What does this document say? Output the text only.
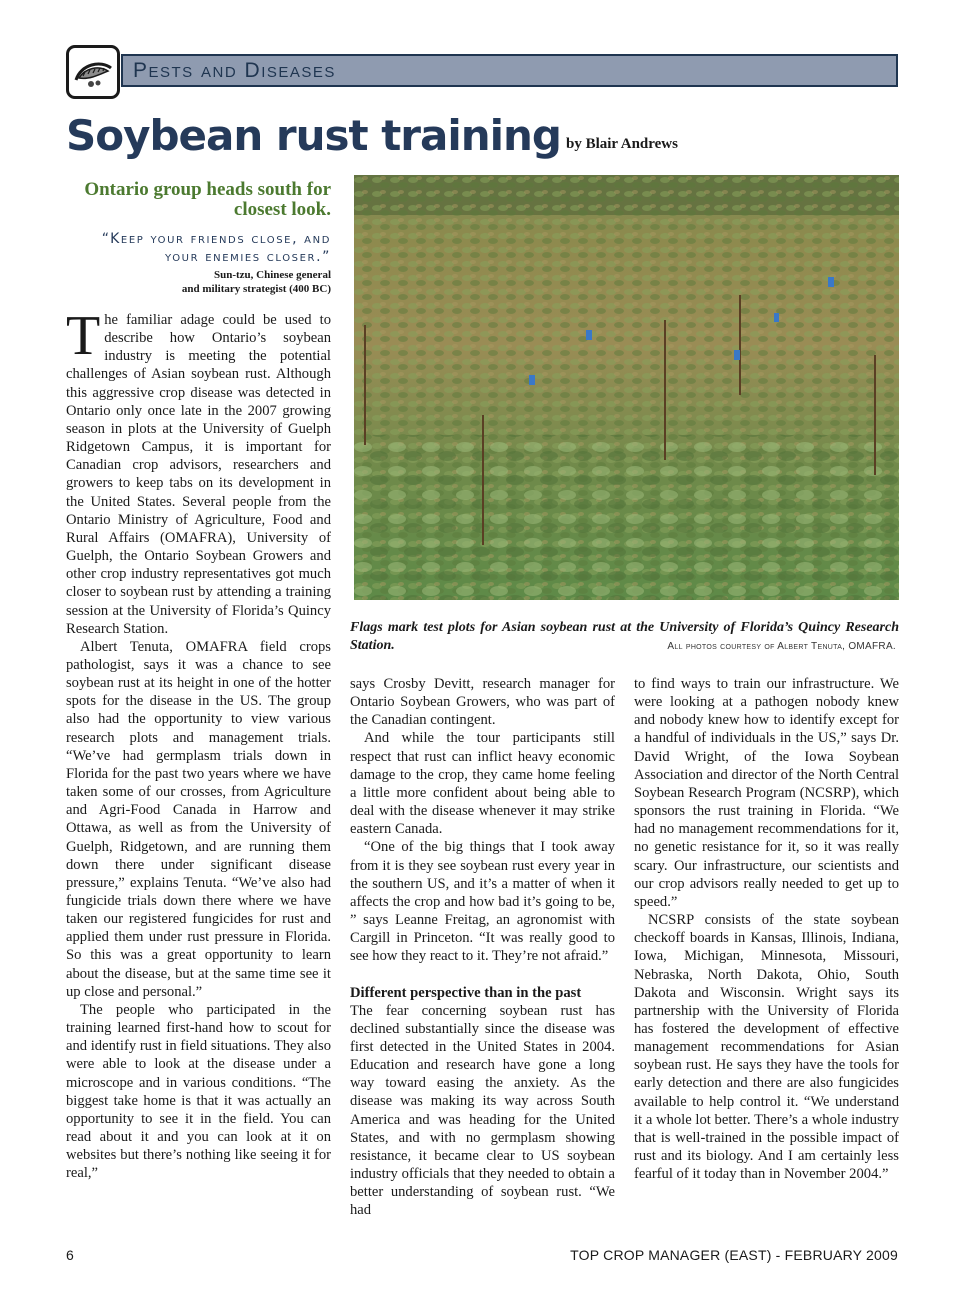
Pests and Diseases
Soybean rust training by Blair Andrews
Ontario group heads south for closest look.
“Keep your friends close, and your enemies closer.”
Sun-tzu, Chinese general
and military strategist (400 BC)

The familiar adage could be used to describe how Ontario’s soybean industry is meeting the potential challenges of Asian soybean rust. Although this aggressive crop disease was detected in Ontario only once late in the 2007 growing season in plots at the University of Guelph Ridgetown Campus, it is important for Canadian crop advisors, researchers and growers to keep tabs on its development in the United States. Several people from the Ontario Ministry of Agriculture, Food and Rural Affairs (OMAFRA), University of Guelph, the Ontario Soybean Growers and other crop industry representatives got much closer to soybean rust by attending a training session at the University of Florida’s Quincy Research Station.

Albert Tenuta, OMAFRA field crops pathologist, says it was a chance to see soybean rust at its height in one of the hotter spots for the disease in the US. The group also had the opportunity to view various research plots and management trials. “We’ve had germplasm trials down in Florida for the past two years where we have taken some of our crosses, from Agriculture and Agri-Food Canada in Harrow and Ottawa, as well as from the University of Guelph, Ridgetown, and are running them down there under significant disease pressure,” explains Tenuta. “We’ve also had fungicide trials down there where we have taken our registered fungicides for rust and applied them under rust pressure in Florida. So this was a great opportunity to learn about the disease, but at the same time see it up close and personal.”

The people who participated in the training learned first-hand how to scout for and identify rust in field situations. They also were able to look at the disease under a microscope and in various conditions. “The biggest take home is that it was actually an opportunity to see it in the field. You can read about it and you can look at it on websites but there’s nothing like seeing it for real,”

Flags mark test plots for Asian soybean rust at the University of Florida’s Quincy Research Station.	All photos courtesy of Albert Tenuta, OMAFRA.

says Crosby Devitt, research manager for Ontario Soybean Growers, who was part of the Canadian contingent.

And while the tour participants still respect that rust can inflict heavy economic damage to the crop, they came home feeling a little more confident about being able to deal with the disease whenever it may strike eastern Canada.

“One of the big things that I took away from it is they see soybean rust every year in the southern US, and it’s a matter of when it affects the crop and how bad it’s going to be, ” says Leanne Freitag, an agronomist with Cargill in Princeton. “It was really good to see how they react to it. They’re not afraid.”

Different perspective than in the past

The fear concerning soybean rust has declined substantially since the disease was first detected in the United States in 2004. Education and research have gone a long way toward easing the anxiety. As the disease was making its way across South America and was heading for the United States, and with no germplasm showing resistance, it became clear to US soybean industry officials that they needed to obtain a better understanding of soybean rust. “We had

to find ways to train our infrastructure. We were looking at a pathogen nobody knew and nobody knew how to identify except for a handful of individuals in the US,” says Dr. David Wright, of the Iowa Soybean Association and director of the North Central Soybean Research Program (NCSRP), which sponsors the rust training in Florida. “We had no management recommendations for it, no genetic resistance for it, so it was really scary. Our infrastructure, our scientists and our crop advisors really needed to get up to speed.”

NCSRP consists of the state soybean checkoff boards in Kansas, Illinois, Indiana, Iowa, Michigan, Minnesota, Missouri, Nebraska, North Dakota, Ohio, South Dakota and Wisconsin. Wright says its partnership with the University of Florida has fostered the development of effective management recommendations for Asian soybean rust. He says they have the tools for early detection and there are also fungicides available to help control it. “We understand it a whole lot better. There’s a whole industry that is well-trained in the possible impact of rust and its biology. And I am certainly less fearful of it today than in November 2004.”

6	TOP CROP MANAGER (EAST) - FEBRUARY 2009
